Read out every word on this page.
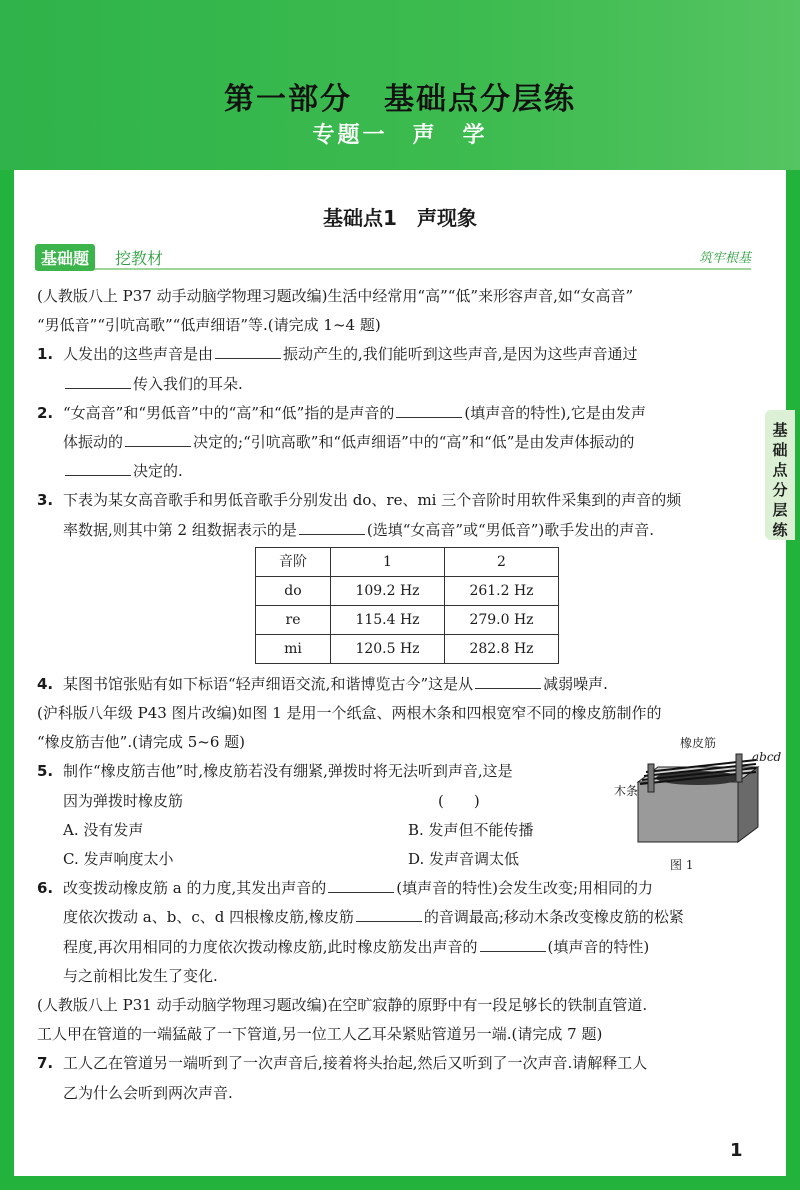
第一部分　基础点分层练
专题一　声　学
基础点1　声现象
基础题	挖教材	筑牢根基
(人教版八上 P37 动手动脑学物理习题改编)生活中经常用“高”“低”来形容声音,如“女高音”
“男低音”“引吭高歌”“低声细语”等.(请完成 1~4 题)
1. 人发出的这些声音是由	振动产生的,我们能听到这些声音,是因为这些声音通过
传入我们的耳朵.
2. “女高音”和“男低音”中的“高”和“低”指的是声音的	(填声音的特性),它是由发声
体振动的	决定的;“引吭高歌”和“低声细语”中的“高”和“低”是由发声体振动的
决定的.
3. 下表为某女高音歌手和男低音歌手分别发出 do、re、mi 三个音阶时用软件采集到的声音的频
率数据,则其中第 2 组数据表示的是	(选填“女高音”或“男低音”)歌手发出的声音.
音阶	1	2
do	109.2 Hz	261.2 Hz
re	115.4 Hz	279.0 Hz
mi	120.5 Hz	282.8 Hz
4. 某图书馆张贴有如下标语“轻声细语交流,和谐博览古今”这是从	减弱噪声.
(沪科版八年级 P43 图片改编)如图 1 是用一个纸盒、两根木条和四根宽窄不同的橡皮筋制作的
“橡皮筋吉他”.(请完成 5~6 题)
5. 制作“橡皮筋吉他”时,橡皮筋若没有绷紧,弹拨时将无法听到声音,这是
因为弹拨时橡皮筋　　　　　　　　　　　　　　　　　(　　)
A. 没有发声	B. 发声但不能传播
C. 发声响度太小	D. 发声音调太低
6. 改变拨动橡皮筋 a 的力度,其发出声音的	(填声音的特性)会发生改变;用相同的力
度依次拨动 a、b、c、d 四根橡皮筋,橡皮筋	的音调最高;移动木条改变橡皮筋的松紧
程度,再次用相同的力度依次拨动橡皮筋,此时橡皮筋发出声音的	(填声音的特性)
与之前相比发生了变化.
(人教版八上 P31 动手动脑学物理习题改编)在空旷寂静的原野中有一段足够长的铁制直管道.
工人甲在管道的一端猛敲了一下管道,另一位工人乙耳朵紧贴管道另一端.(请完成 7 题)
7. 工人乙在管道另一端听到了一次声音后,接着将头抬起,然后又听到了一次声音.请解释工人
乙为什么会听到两次声音.
橡皮筋
木条
abcd
图 1
基
础
点
分
层
练
1
